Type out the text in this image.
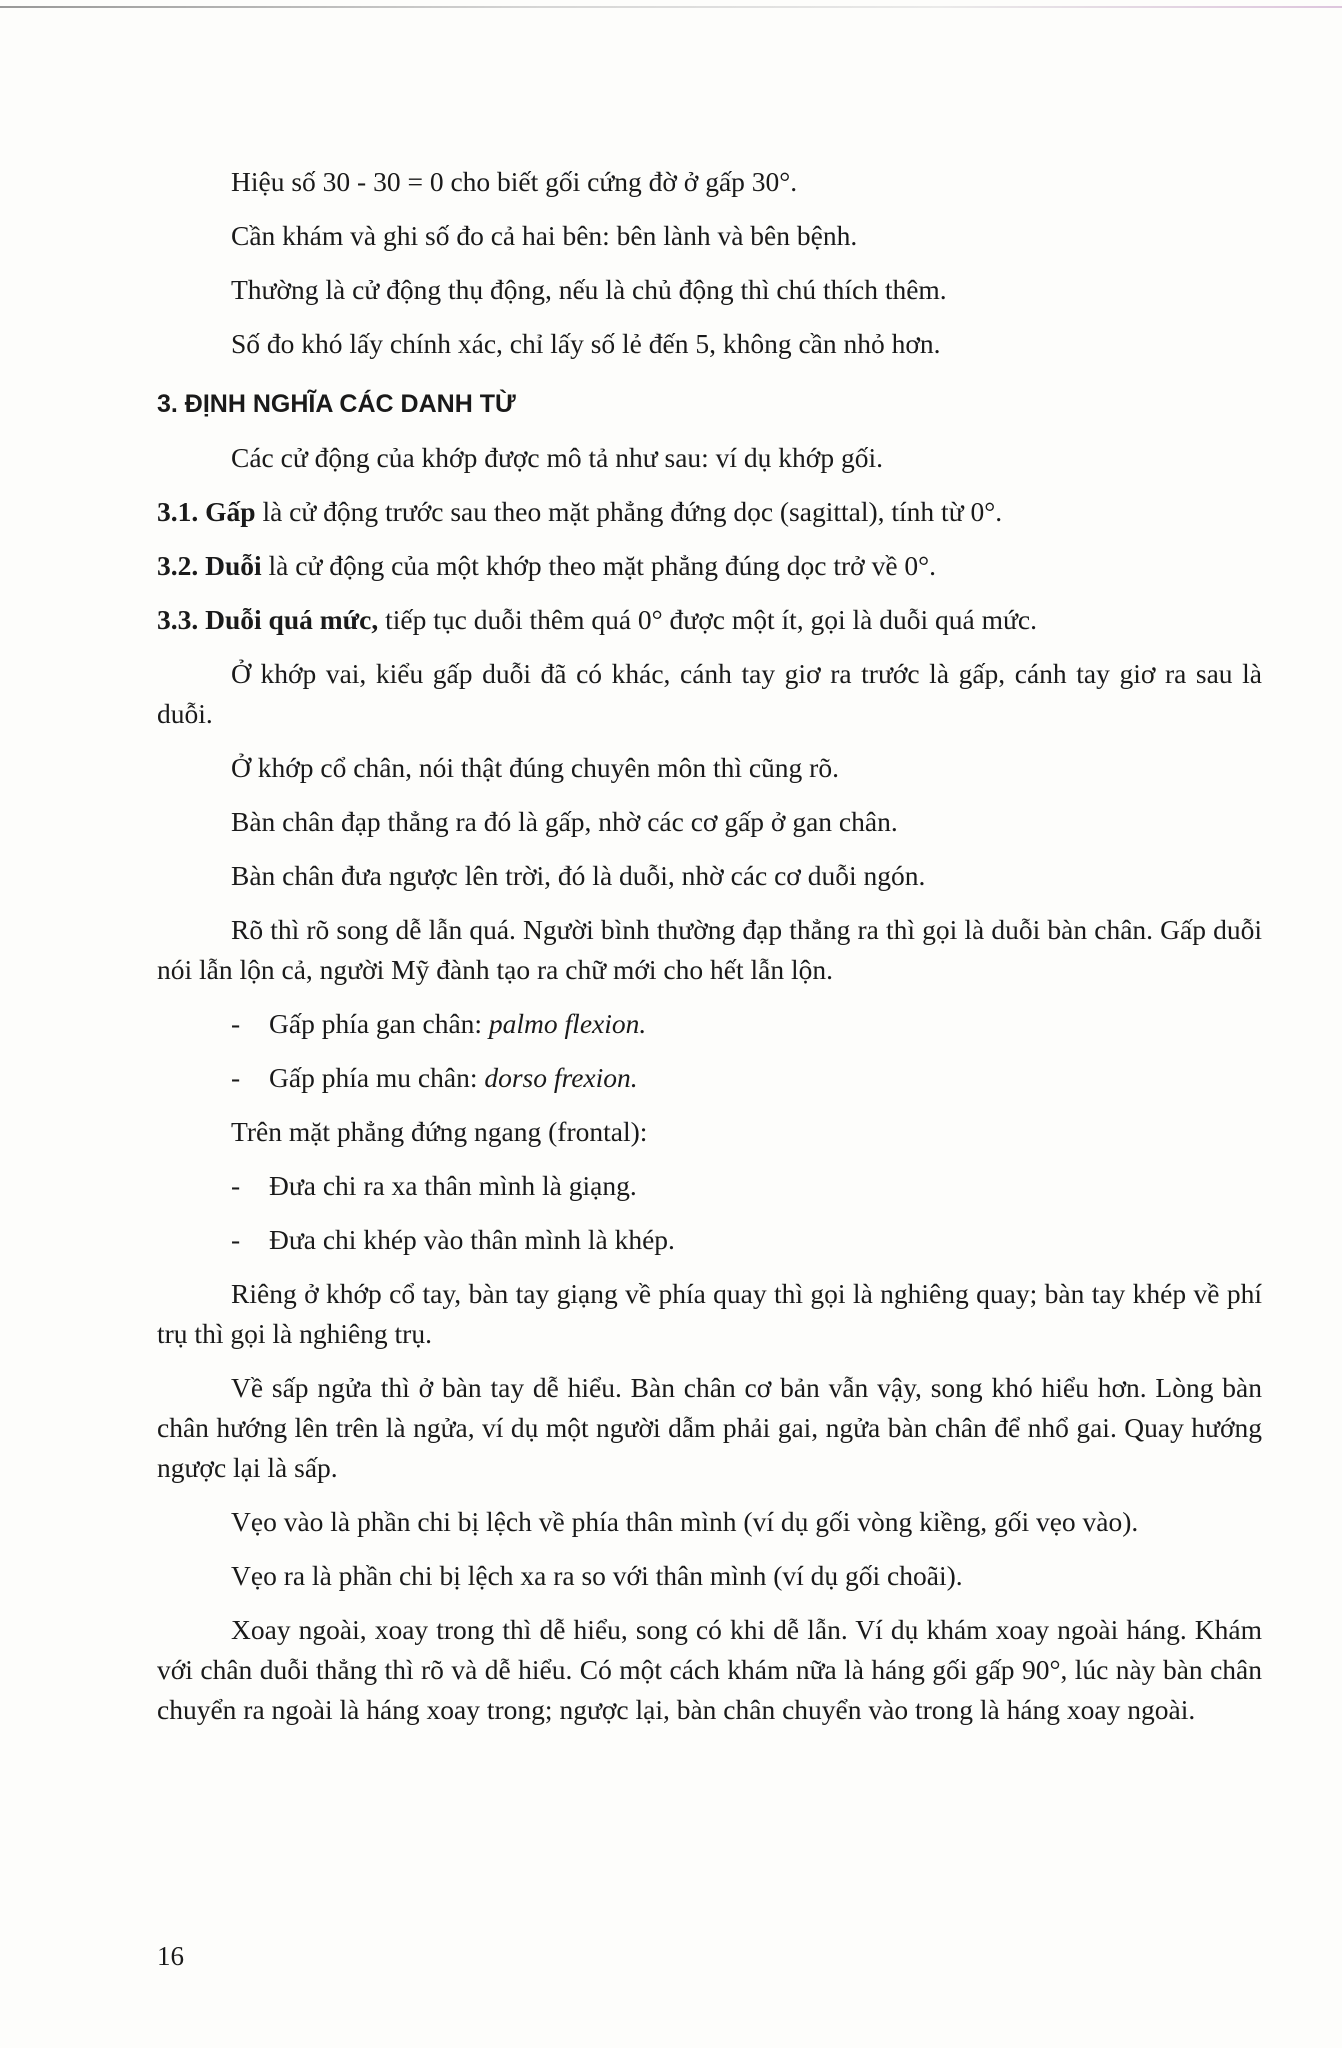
Hiệu số 30 - 30 = 0 cho biết gối cứng đờ ở gấp 30°.

Cần khám và ghi số đo cả hai bên: bên lành và bên bệnh.

Thường là cử động thụ động, nếu là chủ động thì chú thích thêm.

Số đo khó lấy chính xác, chỉ lấy số lẻ đến 5, không cần nhỏ hơn.

3. ĐỊNH NGHĨA CÁC DANH TỪ

Các cử động của khớp được mô tả như sau: ví dụ khớp gối.

3.1. Gấp là cử động trước sau theo mặt phẳng đứng dọc (sagittal), tính từ 0°.

3.2. Duỗi là cử động của một khớp theo mặt phẳng đúng dọc trở về 0°.

3.3. Duỗi quá mức, tiếp tục duỗi thêm quá 0° được một ít, gọi là duỗi quá mức.

Ở khớp vai, kiểu gấp duỗi đã có khác, cánh tay giơ ra trước là gấp, cánh tay giơ ra sau là duỗi.

Ở khớp cổ chân, nói thật đúng chuyên môn thì cũng rõ.

Bàn chân đạp thẳng ra đó là gấp, nhờ các cơ gấp ở gan chân.

Bàn chân đưa ngược lên trời, đó là duỗi, nhờ các cơ duỗi ngón.

Rõ thì rõ song dễ lẫn quá. Người bình thường đạp thẳng ra thì gọi là duỗi bàn chân. Gấp duỗi nói lẫn lộn cả, người Mỹ đành tạo ra chữ mới cho hết lẫn lộn.

- Gấp phía gan chân: palmo flexion.

- Gấp phía mu chân: dorso frexion.

Trên mặt phẳng đứng ngang (frontal):

- Đưa chi ra xa thân mình là giạng.

- Đưa chi khép vào thân mình là khép.

Riêng ở khớp cổ tay, bàn tay giạng về phía quay thì gọi là nghiêng quay; bàn tay khép về phí trụ thì gọi là nghiêng trụ.

Về sấp ngửa thì ở bàn tay dễ hiểu. Bàn chân cơ bản vẫn vậy, song khó hiểu hơn. Lòng bàn chân hướng lên trên là ngửa, ví dụ một người dẫm phải gai, ngửa bàn chân để nhổ gai. Quay hướng ngược lại là sấp.

Vẹo vào là phần chi bị lệch về phía thân mình (ví dụ gối vòng kiềng, gối vẹo vào).

Vẹo ra là phần chi bị lệch xa ra so với thân mình (ví dụ gối choãi).

Xoay ngoài, xoay trong thì dễ hiểu, song có khi dễ lẫn. Ví dụ khám xoay ngoài háng. Khám với chân duỗi thẳng thì rõ và dễ hiểu. Có một cách khám nữa là háng gối gấp 90°, lúc này bàn chân chuyển ra ngoài là háng xoay trong; ngược lại, bàn chân chuyển vào trong là háng xoay ngoài.

16
